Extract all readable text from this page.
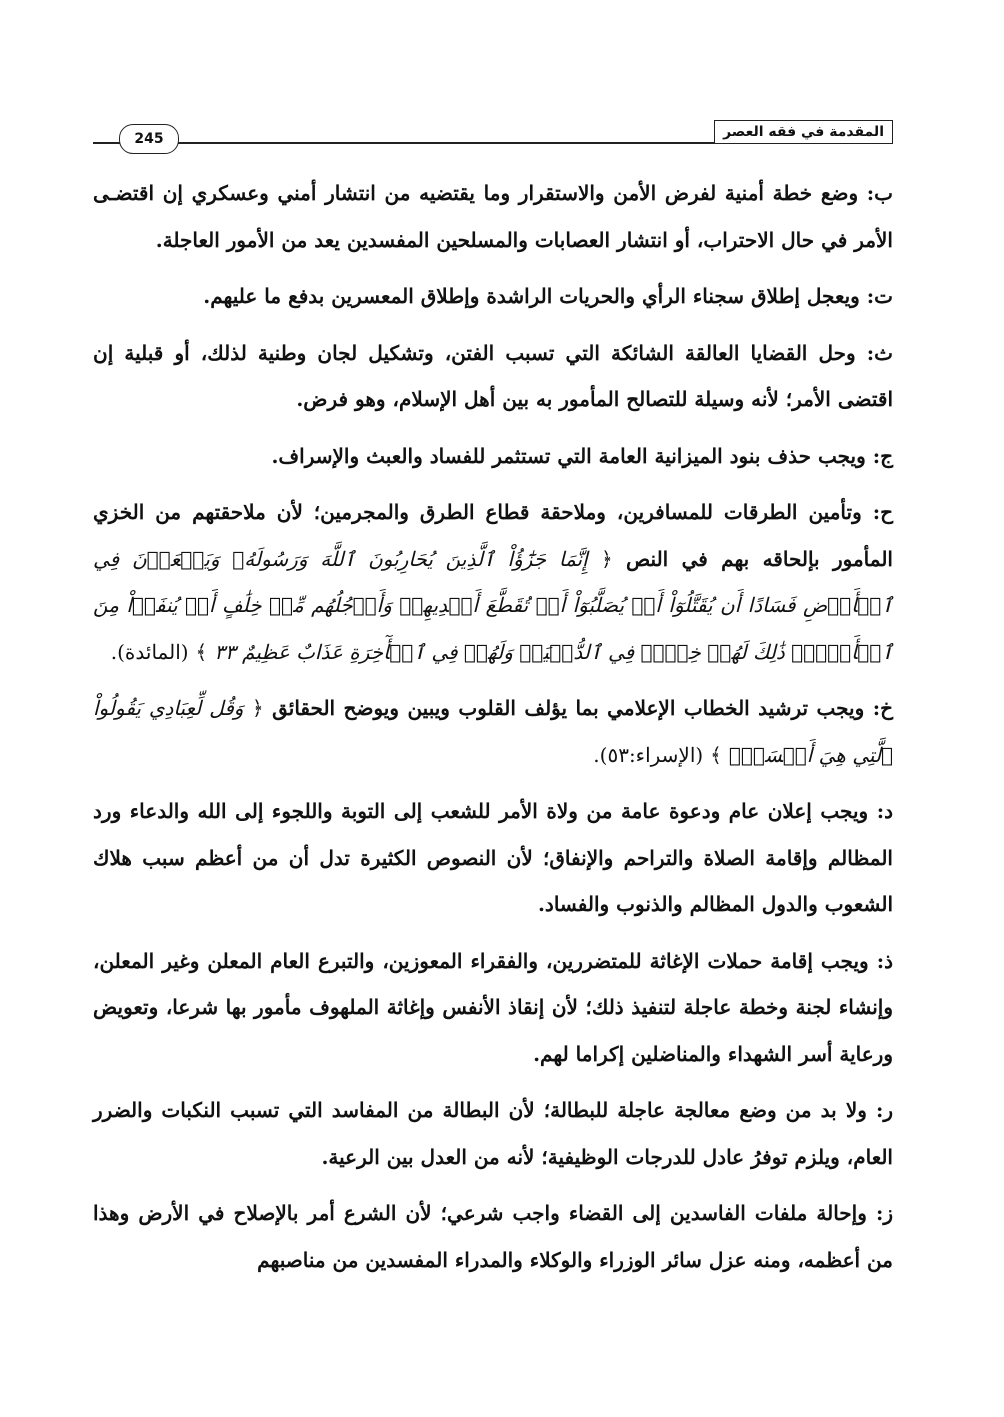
المقدمة في فقه العصر
245

ب: وضع خطة أمنية لفرض الأمن والاستقرار وما يقتضيه من انتشار أمني وعسكري إن اقتضـى الأمر في حال الاحتراب، أو انتشار العصابات والمسلحين المفسدين يعد من الأمور العاجلة.

ت: ويعجل إطلاق سجناء الرأي والحريات الراشدة وإطلاق المعسرين بدفع ما عليهم.

ث: وحل القضايا العالقة الشائكة التي تسبب الفتن، وتشكيل لجان وطنية لذلك، أو قبلية إن اقتضى الأمر؛ لأنه وسيلة للتصالح المأمور به بين أهل الإسلام، وهو فرض.

ج: ويجب حذف بنود الميزانية العامة التي تستثمر للفساد والعبث والإسراف.

ح: وتأمين الطرقات للمسافرين، وملاحقة قطاع الطرق والمجرمين؛ لأن ملاحقتهم من الخزي المأمور بإلحاقه بهم في النص ﴿ إِنَّمَا جَزَٰٓؤُاْ ٱلَّذِينَ يُحَارِبُونَ ٱللَّهَ وَرَسُولَهُۥ وَيَسۡعَوۡنَ فِي ٱلۡأَرۡضِ فَسَادًا أَن يُقَتَّلُوٓاْ أَوۡ يُصَلَّبُوٓاْ أَوۡ تُقَطَّعَ أَيۡدِيهِمۡ وَأَرۡجُلُهُم مِّنۡ خِلَٰفٍ أَوۡ يُنفَوۡاْ مِنَ ٱلۡأَرۡضِۚ ذَٰلِكَ لَهُمۡ خِزۡيٞ فِي ٱلدُّنۡيَاۖ وَلَهُمۡ فِي ٱلۡأٓخِرَةِ عَذَابٌ عَظِيمٌ ٣٣ ﴾ (المائدة).

خ: ويجب ترشيد الخطاب الإعلامي بما يؤلف القلوب ويبين ويوضح الحقائق ﴿ وَقُل لِّعِبَادِي يَقُولُواْ ٱلَّتِي هِيَ أَحۡسَنُۚ ﴾ (الإسراء:٥٣).

د: ويجب إعلان عام ودعوة عامة من ولاة الأمر للشعب إلى التوبة واللجوء إلى الله والدعاء ورد المظالم وإقامة الصلاة والتراحم والإنفاق؛ لأن النصوص الكثيرة تدل أن من أعظم سبب هلاك الشعوب والدول المظالم والذنوب والفساد.

ذ: ويجب إقامة حملات الإغاثة للمتضررين، والفقراء المعوزين، والتبرع العام المعلن وغير المعلن، وإنشاء لجنة وخطة عاجلة لتنفيذ ذلك؛ لأن إنقاذ الأنفس وإغاثة الملهوف مأمور بها شرعا، وتعويض ورعاية أسر الشهداء والمناضلين إكراما لهم.

ر: ولا بد من وضع معالجة عاجلة للبطالة؛ لأن البطالة من المفاسد التي تسبب النكبات والضرر العام، ويلزم توفرُ عادل للدرجات الوظيفية؛ لأنه من العدل بين الرعية.

ز: وإحالة ملفات الفاسدين إلى القضاء واجب شرعي؛ لأن الشرع أمر بالإصلاح في الأرض وهذا من أعظمه، ومنه عزل سائر الوزراء والوكلاء والمدراء المفسدين من مناصبهم
